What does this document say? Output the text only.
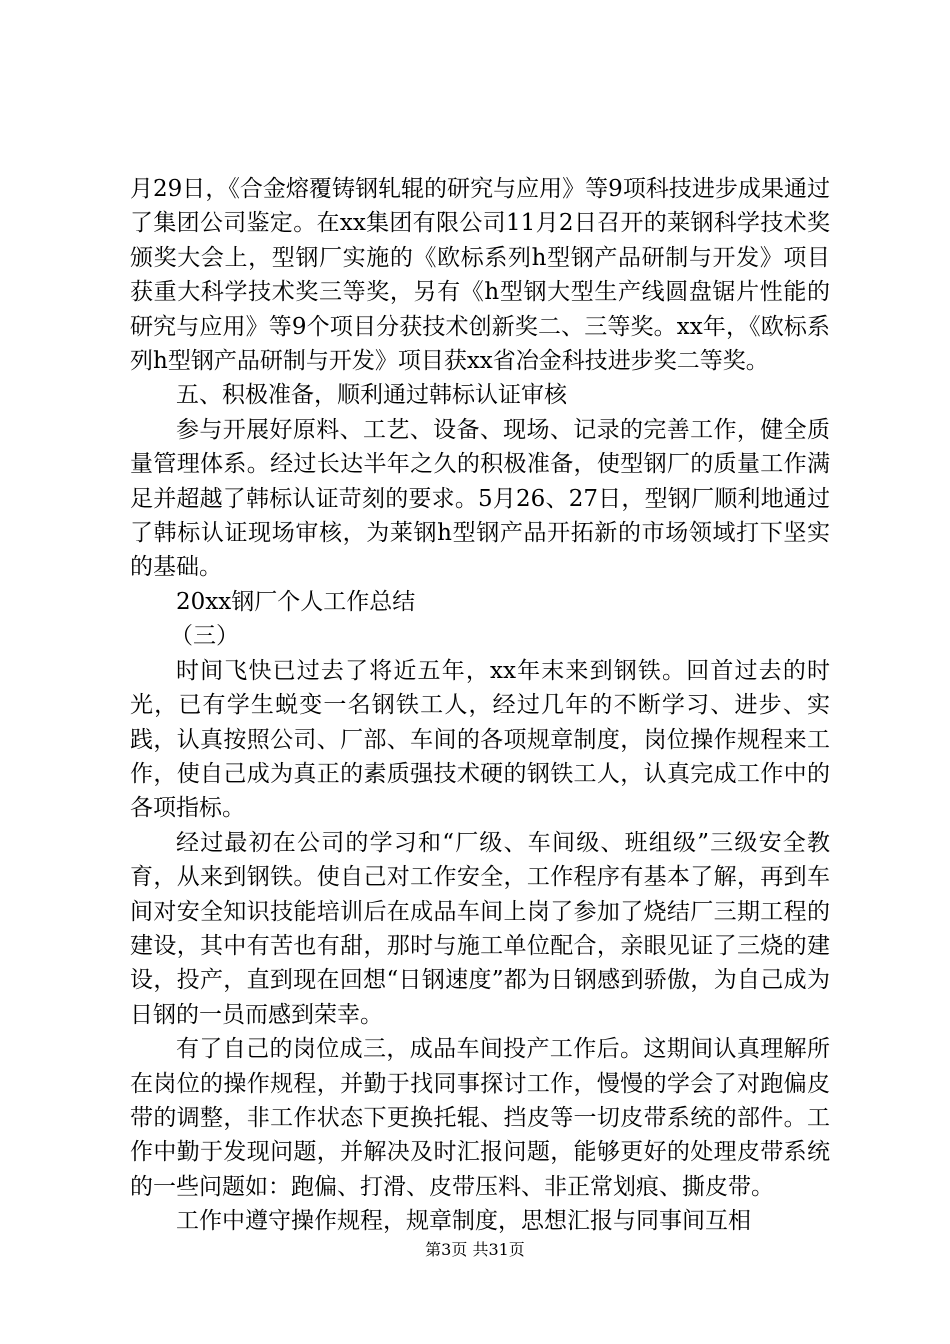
月29日，《合金熔覆铸钢轧辊的研究与应用》等9项科技进步成果通过了集团公司鉴定。在xx集团有限公司11月2日召开的莱钢科学技术奖颁奖大会上，型钢厂实施的《欧标系列h型钢产品研制与开发》项目获重大科学技术奖三等奖，另有《h型钢大型生产线圆盘锯片性能的研究与应用》等9个项目分获技术创新奖二、三等奖。xx年，《欧标系列h型钢产品研制与开发》项目获xx省冶金科技进步奖二等奖。

五、积极准备，顺利通过韩标认证审核

参与开展好原料、工艺、设备、现场、记录的完善工作，健全质量管理体系。经过长达半年之久的积极准备，使型钢厂的质量工作满足并超越了韩标认证苛刻的要求。5月26、27日，型钢厂顺利地通过了韩标认证现场审核，为莱钢h型钢产品开拓新的市场领域打下坚实的基础。

20xx钢厂个人工作总结

（三）

时间飞快已过去了将近五年，xx年末来到钢铁。回首过去的时光，已有学生蜕变一名钢铁工人，经过几年的不断学习、进步、实践，认真按照公司、厂部、车间的各项规章制度，岗位操作规程来工作，使自己成为真正的素质强技术硬的钢铁工人，认真完成工作中的各项指标。

经过最初在公司的学习和“厂级、车间级、班组级”三级安全教育，从来到钢铁。使自己对工作安全，工作程序有基本了解，再到车间对安全知识技能培训后在成品车间上岗了参加了烧结厂三期工程的建设，其中有苦也有甜，那时与施工单位配合，亲眼见证了三烧的建设，投产，直到现在回想“日钢速度”都为日钢感到骄傲，为自己成为日钢的一员而感到荣幸。

有了自己的岗位成三，成品车间投产工作后。这期间认真理解所在岗位的操作规程，并勤于找同事探讨工作，慢慢的学会了对跑偏皮带的调整，非工作状态下更换托辊、挡皮等一切皮带系统的部件。工作中勤于发现问题，并解决及时汇报问题，能够更好的处理皮带系统的一些问题如：跑偏、打滑、皮带压料、非正常划痕、撕皮带。

工作中遵守操作规程，规章制度，思想汇报与同事间互相

第3页 共31页
